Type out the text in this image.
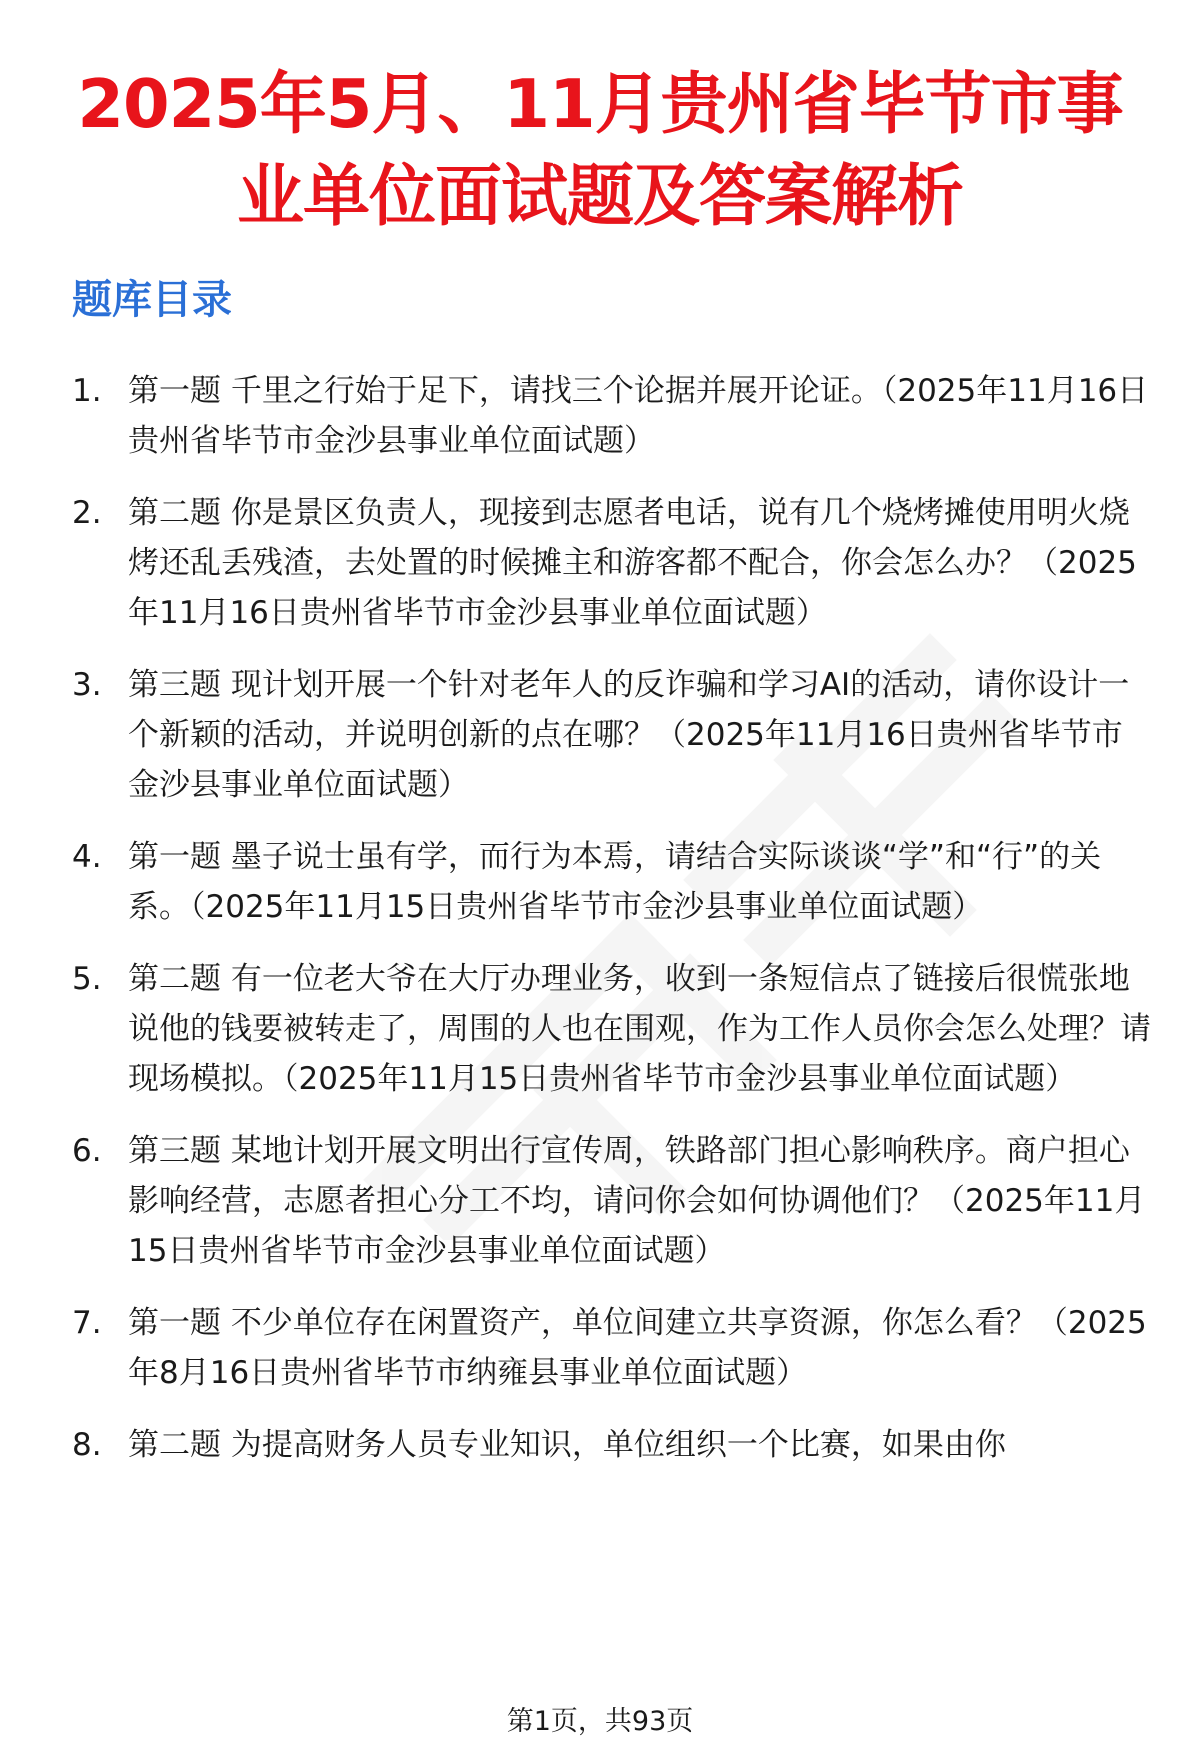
2025年5月、11月贵州省毕节市事业单位面试题及答案解析
题库目录
1. 第一题 千里之行始于足下，请找三个论据并展开论证。（2025年11月16日贵州省毕节市金沙县事业单位面试题）
2. 第二题 你是景区负责人，现接到志愿者电话，说有几个烧烤摊使用明火烧烤还乱丢残渣，去处置的时候摊主和游客都不配合，你会怎么办？（2025年11月16日贵州省毕节市金沙县事业单位面试题）
3. 第三题 现计划开展一个针对老年人的反诈骗和学习AI的活动，请你设计一个新颖的活动，并说明创新的点在哪？（2025年11月16日贵州省毕节市金沙县事业单位面试题）
4. 第一题 墨子说士虽有学，而行为本焉，请结合实际谈谈“学”和“行”的关系。（2025年11月15日贵州省毕节市金沙县事业单位面试题）
5. 第二题 有一位老大爷在大厅办理业务，收到一条短信点了链接后很慌张地说他的钱要被转走了，周围的人也在围观，作为工作人员你会怎么处理？请现场模拟。（2025年11月15日贵州省毕节市金沙县事业单位面试题）
6. 第三题 某地计划开展文明出行宣传周，铁路部门担心影响秩序。商户担心影响经营，志愿者担心分工不均，请问你会如何协调他们？（2025年11月15日贵州省毕节市金沙县事业单位面试题）
7. 第一题 不少单位存在闲置资产，单位间建立共享资源，你怎么看？（2025年8月16日贵州省毕节市纳雍县事业单位面试题）
8. 第二题 为提高财务人员专业知识，单位组织一个比赛，如果由你
第1页，共93页
